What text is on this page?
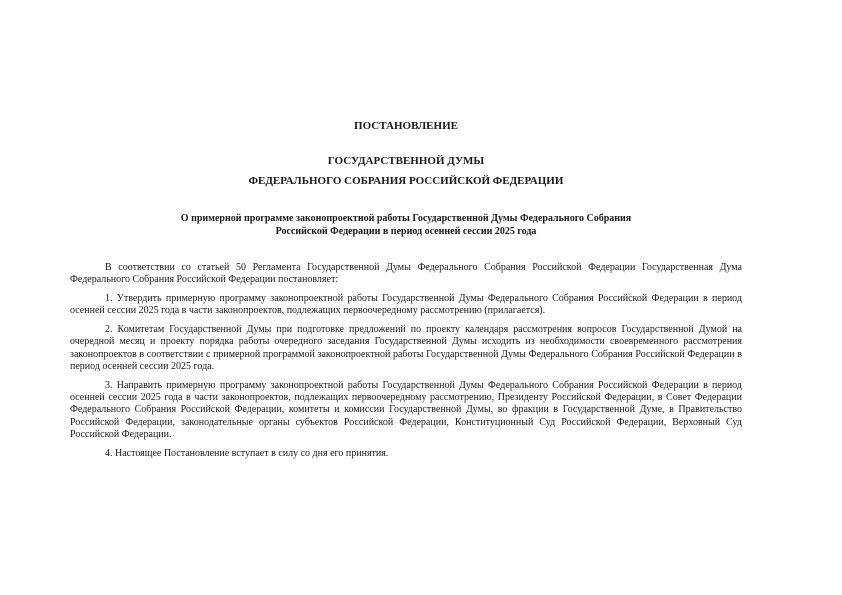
ПОСТАНОВЛЕНИЕ
ГОСУДАРСТВЕННОЙ ДУМЫ
ФЕДЕРАЛЬНОГО СОБРАНИЯ РОССИЙСКОЙ ФЕДЕРАЦИИ
О примерной программе законопроектной работы Государственной Думы Федерального Собрания
Российской Федерации в период осенней сессии 2025 года

В соответствии со статьей 50 Регламента Государственной Думы Федерального Собрания Российской Федерации Государственная Дума Федерального Собрания Российской Федерации постановляет:

1. Утвердить примерную программу законопроектной работы Государственной Думы Федерального Собрания Российской Федерации в период осенней сессии 2025 года в части законопроектов, подлежащих первоочередному рассмотрению (прилагается).

2. Комитетам Государственной Думы при подготовке предложений по проекту календаря рассмотрения вопросов Государственной Думой на очередной месяц и проекту порядка работы очередного заседания Государственной Думы исходить из необходимости своевременного рассмотрения законопроектов в соответствии с примерной программой законопроектной работы Государственной Думы Федерального Собрания Российской Федерации в период осенней сессии 2025 года.

3. Направить примерную программу законопроектной работы Государственной Думы Федерального Собрания Российской Федерации в период осенней сессии 2025 года в части законопроектов, подлежащих первоочередному рассмотрению, Президенту Российской Федерации, в Совет Федерации Федерального Собрания Российской Федерации, комитеты и комиссии Государственной Думы, во фракции в Государственной Думе, в Правительство Российской Федерации, законодательные органы субъектов Российской Федерации, Конституционный Суд Российской Федерации, Верховный Суд Российской Федерации.

4. Настоящее Постановление вступает в силу со дня его принятия.
